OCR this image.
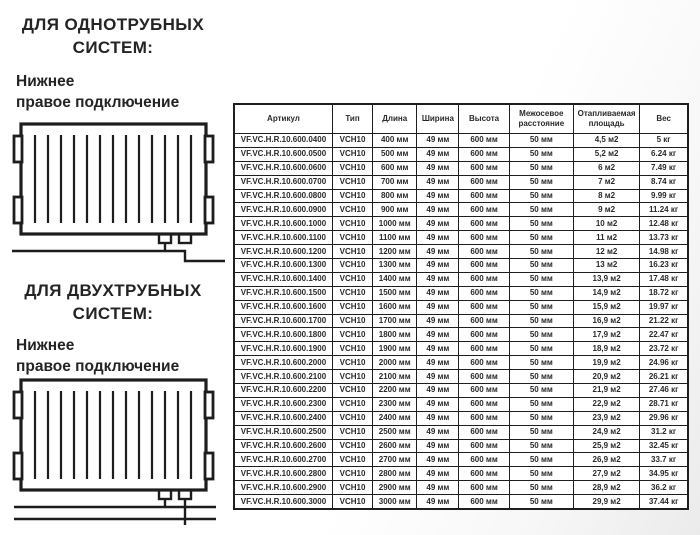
ДЛЯ ОДНОТРУБНЫХ
СИСТЕМ:
Нижнее
правое подключение
ДЛЯ ДВУХТРУБНЫХ
СИСТЕМ:
Нижнее
правое подключение
Артикул	Тип	Длина	Ширина	Высота	Межосевое расстояние	Отапливаемая площадь	Вес
VF.VC.H.R.10.600.0400	VCH10	400 мм	49 мм	600 мм	50 мм	4,5 м2	5 кг
VF.VC.H.R.10.600.0500	VCH10	500 мм	49 мм	600 мм	50 мм	5,2 м2	6.24 кг
VF.VC.H.R.10.600.0600	VCH10	600 мм	49 мм	600 мм	50 мм	6 м2	7.49 кг
VF.VC.H.R.10.600.0700	VCH10	700 мм	49 мм	600 мм	50 мм	7 м2	8.74 кг
VF.VC.H.R.10.600.0800	VCH10	800 мм	49 мм	600 мм	50 мм	8 м2	9.99 кг
VF.VC.H.R.10.600.0900	VCH10	900 мм	49 мм	600 мм	50 мм	9 м2	11.24 кг
VF.VC.H.R.10.600.1000	VCH10	1000 мм	49 мм	600 мм	50 мм	10 м2	12.48 кг
VF.VC.H.R.10.600.1100	VCH10	1100 мм	49 мм	600 мм	50 мм	11 м2	13.73 кг
VF.VC.H.R.10.600.1200	VCH10	1200 мм	49 мм	600 мм	50 мм	12 м2	14.98 кг
VF.VC.H.R.10.600.1300	VCH10	1300 мм	49 мм	600 мм	50 мм	13 м2	16.23 кг
VF.VC.H.R.10.600.1400	VCH10	1400 мм	49 мм	600 мм	50 мм	13,9 м2	17.48 кг
VF.VC.H.R.10.600.1500	VCH10	1500 мм	49 мм	600 мм	50 мм	14,9 м2	18.72 кг
VF.VC.H.R.10.600.1600	VCH10	1600 мм	49 мм	600 мм	50 мм	15,9 м2	19.97 кг
VF.VC.H.R.10.600.1700	VCH10	1700 мм	49 мм	600 мм	50 мм	16,9 м2	21.22 кг
VF.VC.H.R.10.600.1800	VCH10	1800 мм	49 мм	600 мм	50 мм	17,9 м2	22.47 кг
VF.VC.H.R.10.600.1900	VCH10	1900 мм	49 мм	600 мм	50 мм	18,9 м2	23.72 кг
VF.VC.H.R.10.600.2000	VCH10	2000 мм	49 мм	600 мм	50 мм	19,9 м2	24.96 кг
VF.VC.H.R.10.600.2100	VCH10	2100 мм	49 мм	600 мм	50 мм	20,9 м2	26.21 кг
VF.VC.H.R.10.600.2200	VCH10	2200 мм	49 мм	600 мм	50 мм	21,9 м2	27.46 кг
VF.VC.H.R.10.600.2300	VCH10	2300 мм	49 мм	600 мм	50 мм	22,9 м2	28.71 кг
VF.VC.H.R.10.600.2400	VCH10	2400 мм	49 мм	600 мм	50 мм	23,9 м2	29.96 кг
VF.VC.H.R.10.600.2500	VCH10	2500 мм	49 мм	600 мм	50 мм	24,9 м2	31.2 кг
VF.VC.H.R.10.600.2600	VCH10	2600 мм	49 мм	600 мм	50 мм	25,9 м2	32.45 кг
VF.VC.H.R.10.600.2700	VCH10	2700 мм	49 мм	600 мм	50 мм	26,9 м2	33.7 кг
VF.VC.H.R.10.600.2800	VCH10	2800 мм	49 мм	600 мм	50 мм	27,9 м2	34.95 кг
VF.VC.H.R.10.600.2900	VCH10	2900 мм	49 мм	600 мм	50 мм	28,9 м2	36.2 кг
VF.VC.H.R.10.600.3000	VCH10	3000 мм	49 мм	600 мм	50 мм	29,9 м2	37.44 кг
